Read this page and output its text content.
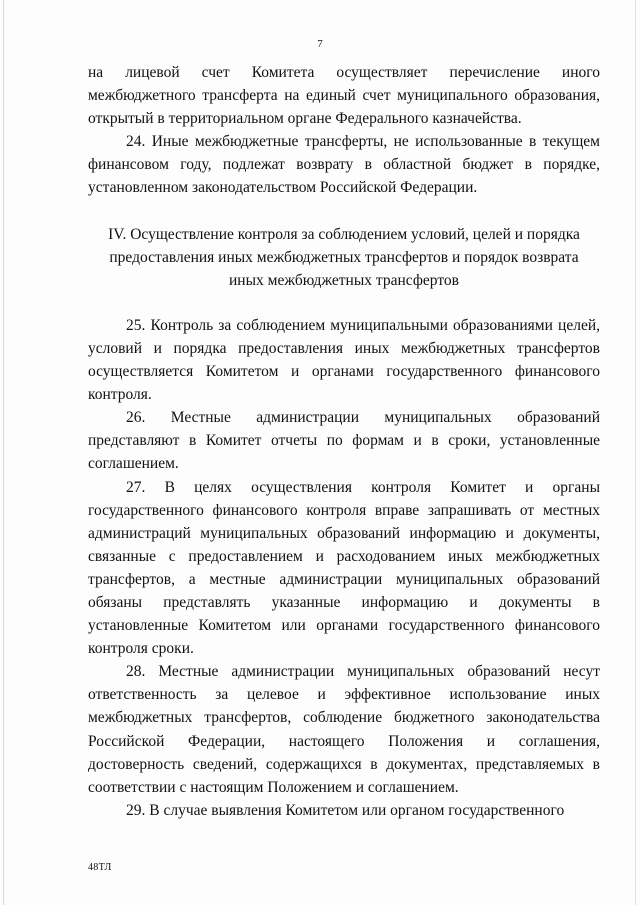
7

на лицевой счет Комитета осуществляет перечисление иного межбюджетного трансферта на единый счет муниципального образования, открытый в территориальном органе Федерального казначейства.

24. Иные межбюджетные трансферты, не использованные в текущем финансовом году, подлежат возврату в областной бюджет в порядке, установленном законодательством Российской Федерации.

IV. Осуществление контроля за соблюдением условий, целей и порядка
предоставления иных межбюджетных трансфертов и порядок возврата
иных межбюджетных трансфертов

25. Контроль за соблюдением муниципальными образованиями целей, условий и порядка предоставления иных межбюджетных трансфертов осуществляется Комитетом и органами государственного финансового контроля.

26. Местные администрации муниципальных образований представляют в Комитет отчеты по формам и в сроки, установленные соглашением.

27. В целях осуществления контроля Комитет и органы государственного финансового контроля вправе запрашивать от местных администраций муниципальных образований информацию и документы, связанные с предоставлением и расходованием иных межбюджетных трансфертов, а местные администрации муниципальных образований обязаны представлять указанные информацию и документы в установленные Комитетом или органами государственного финансового контроля сроки.

28. Местные администрации муниципальных образований несут ответственность за целевое и эффективное использование иных межбюджетных трансфертов, соблюдение бюджетного законодательства Российской Федерации, настоящего Положения и соглашения, достоверность сведений, содержащихся в документах, представляемых в соответствии с настоящим Положением и соглашением.

29. В случае выявления Комитетом или органом государственного

48ТЛ
